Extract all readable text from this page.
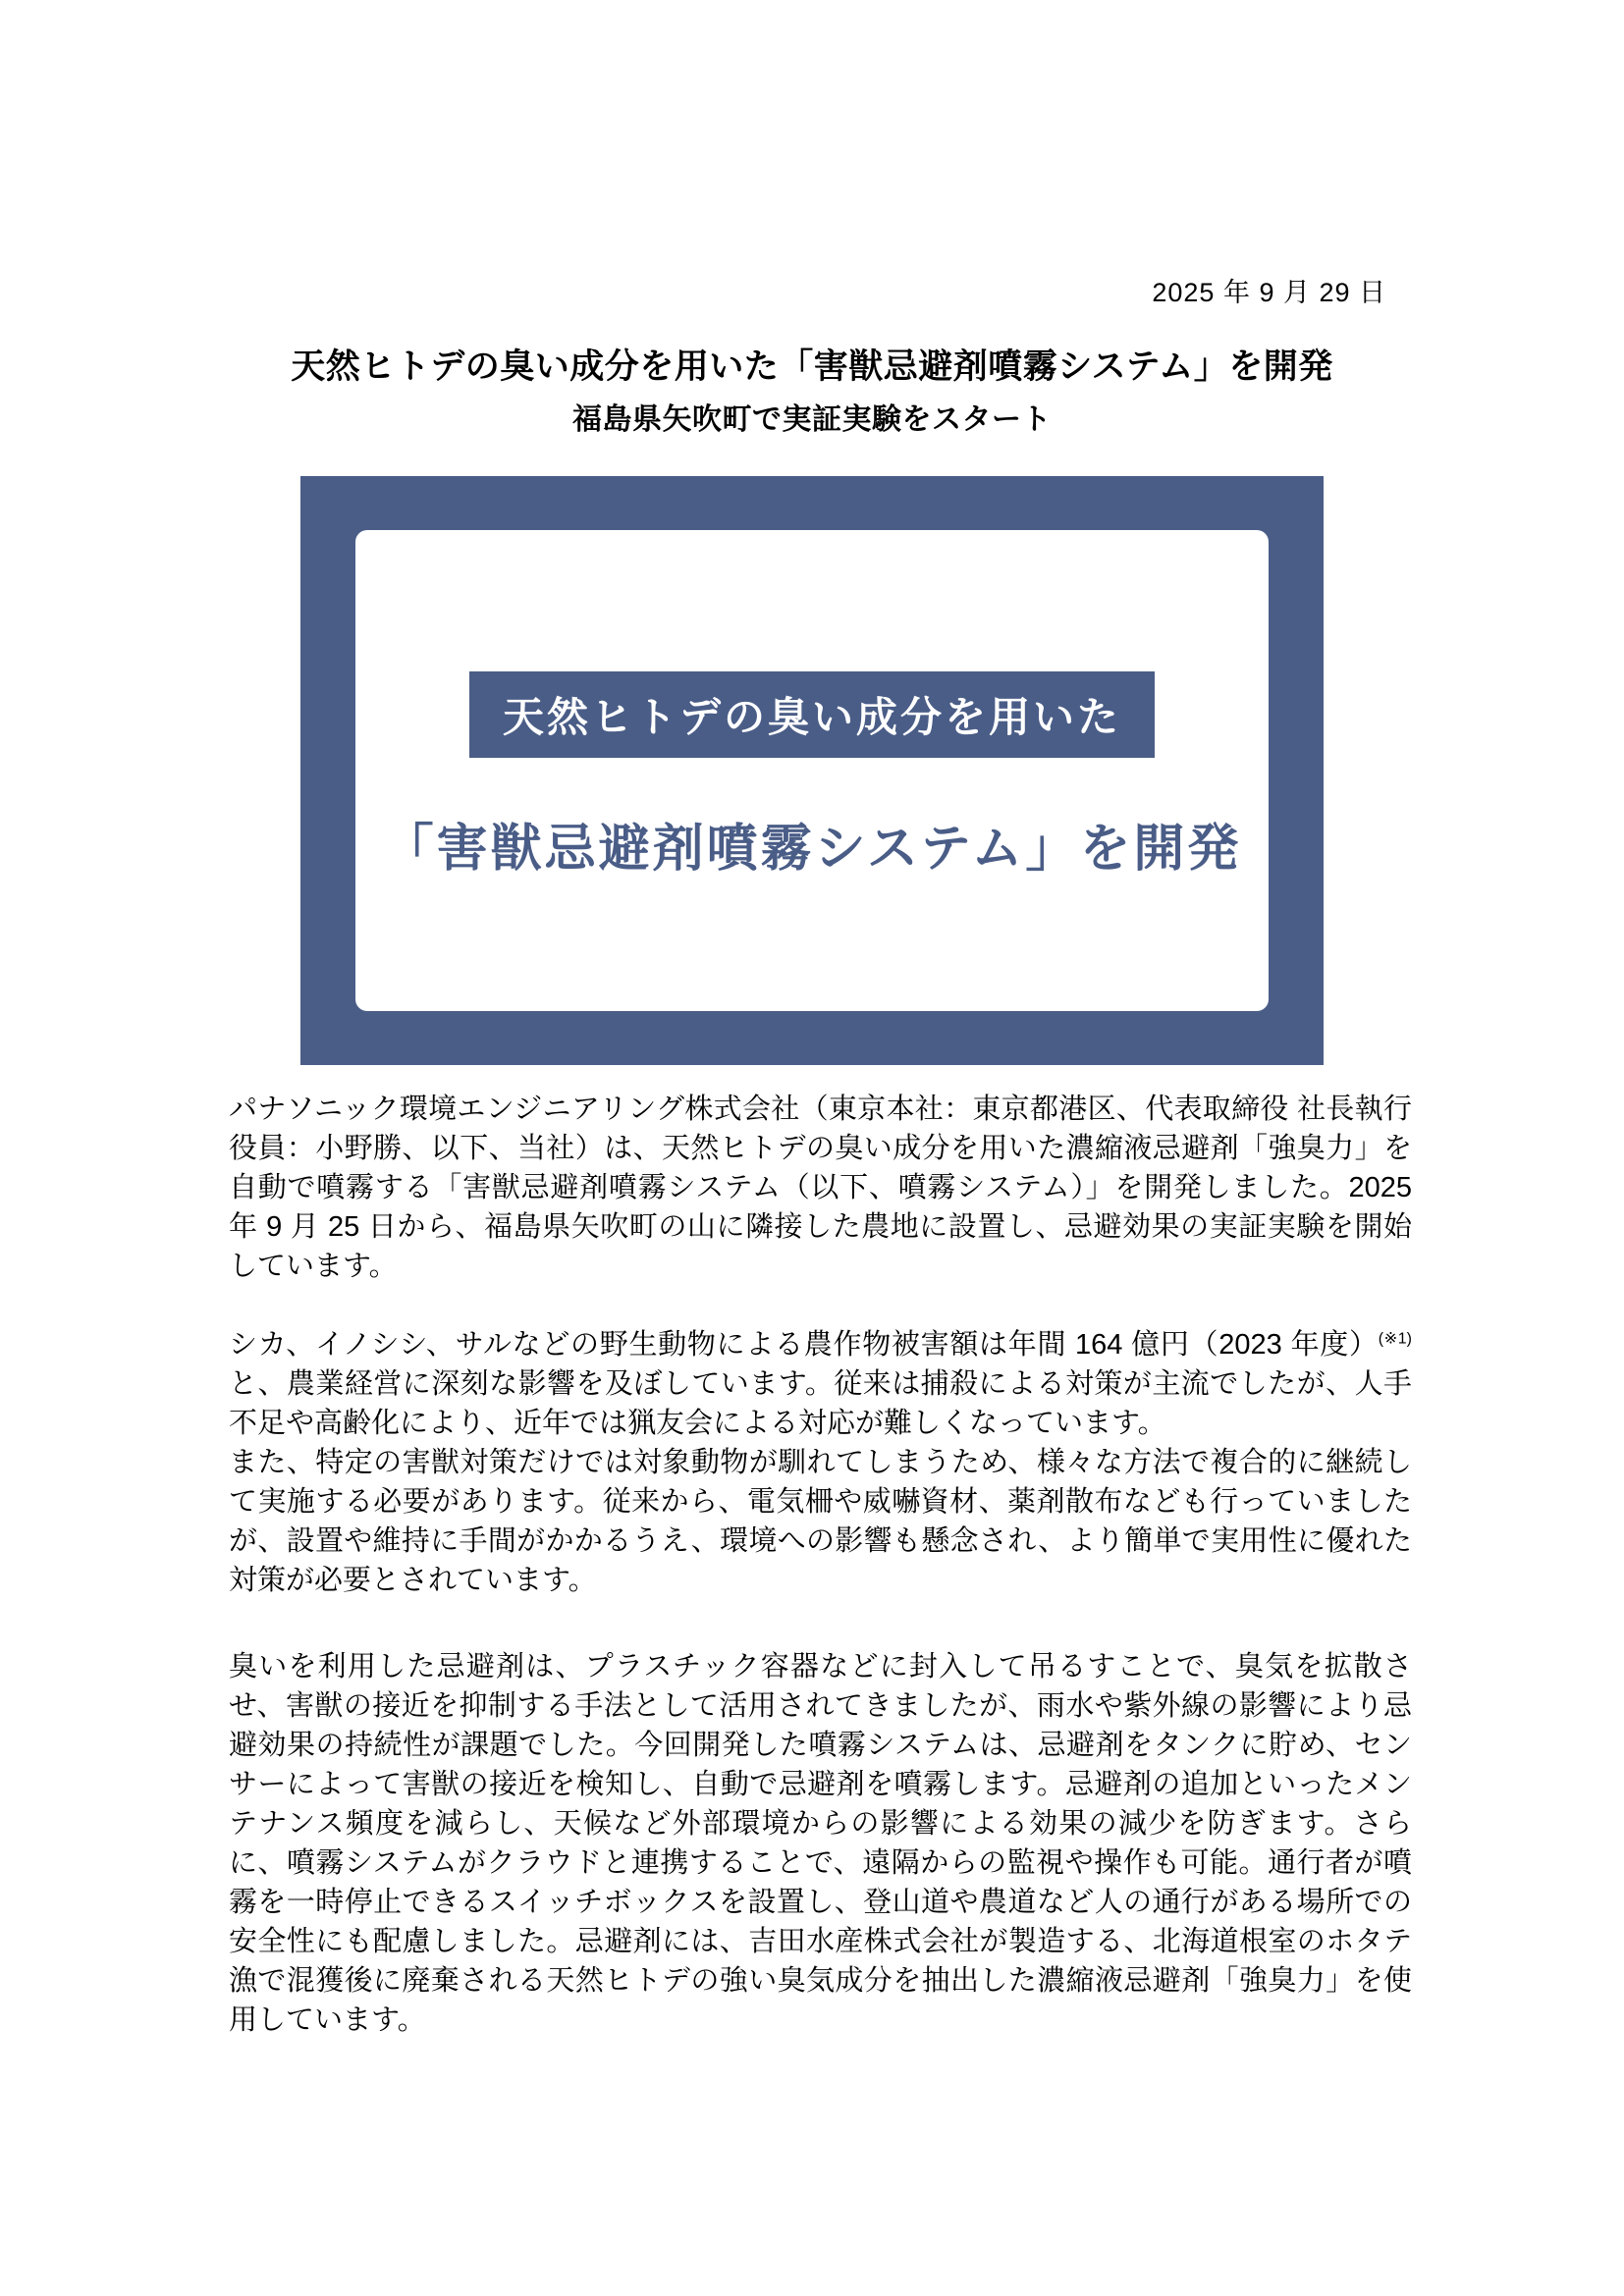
2025 年 9 月 29 日
天然ヒトデの臭い成分を用いた「害獣忌避剤噴霧システム」を開発
福島県矢吹町で実証実験をスタート
天然ヒトデの臭い成分を用いた
「害獣忌避剤噴霧システム」を開発

パナソニック環境エンジニアリング株式会社（東京本社：東京都港区、代表取締役 社長執行役員：小野勝、以下、当社）は、天然ヒトデの臭い成分を用いた濃縮液忌避剤「強臭力」を自動で噴霧する「害獣忌避剤噴霧システム（以下、噴霧システム）」を開発しました。2025 年 9 月 25 日から、福島県矢吹町の山に隣接した農地に設置し、忌避効果の実証実験を開始しています。

シカ、イノシシ、サルなどの野生動物による農作物被害額は年間 164 億円（2023 年度）$^{(※1)}$と、農業経営に深刻な影響を及ぼしています。従来は捕殺による対策が主流でしたが、人手不足や高齢化により、近年では猟友会による対応が難しくなっています。
また、特定の害獣対策だけでは対象動物が馴れてしまうため、様々な方法で複合的に継続して実施する必要があります。従来から、電気柵や威嚇資材、薬剤散布なども行っていましたが、設置や維持に手間がかかるうえ、環境への影響も懸念され、より簡単で実用性に優れた対策が必要とされています。

臭いを利用した忌避剤は、プラスチック容器などに封入して吊るすことで、臭気を拡散させ、害獣の接近を抑制する手法として活用されてきましたが、雨水や紫外線の影響により忌避効果の持続性が課題でした。今回開発した噴霧システムは、忌避剤をタンクに貯め、センサーによって害獣の接近を検知し、自動で忌避剤を噴霧します。忌避剤の追加といったメンテナンス頻度を減らし、天候など外部環境からの影響による効果の減少を防ぎます。さらに、噴霧システムがクラウドと連携することで、遠隔からの監視や操作も可能。通行者が噴霧を一時停止できるスイッチボックスを設置し、登山道や農道など人の通行がある場所での安全性にも配慮しました。忌避剤には、吉田水産株式会社が製造する、北海道根室のホタテ漁で混獲後に廃棄される天然ヒトデの強い臭気成分を抽出した濃縮液忌避剤「強臭力」を使用しています。
